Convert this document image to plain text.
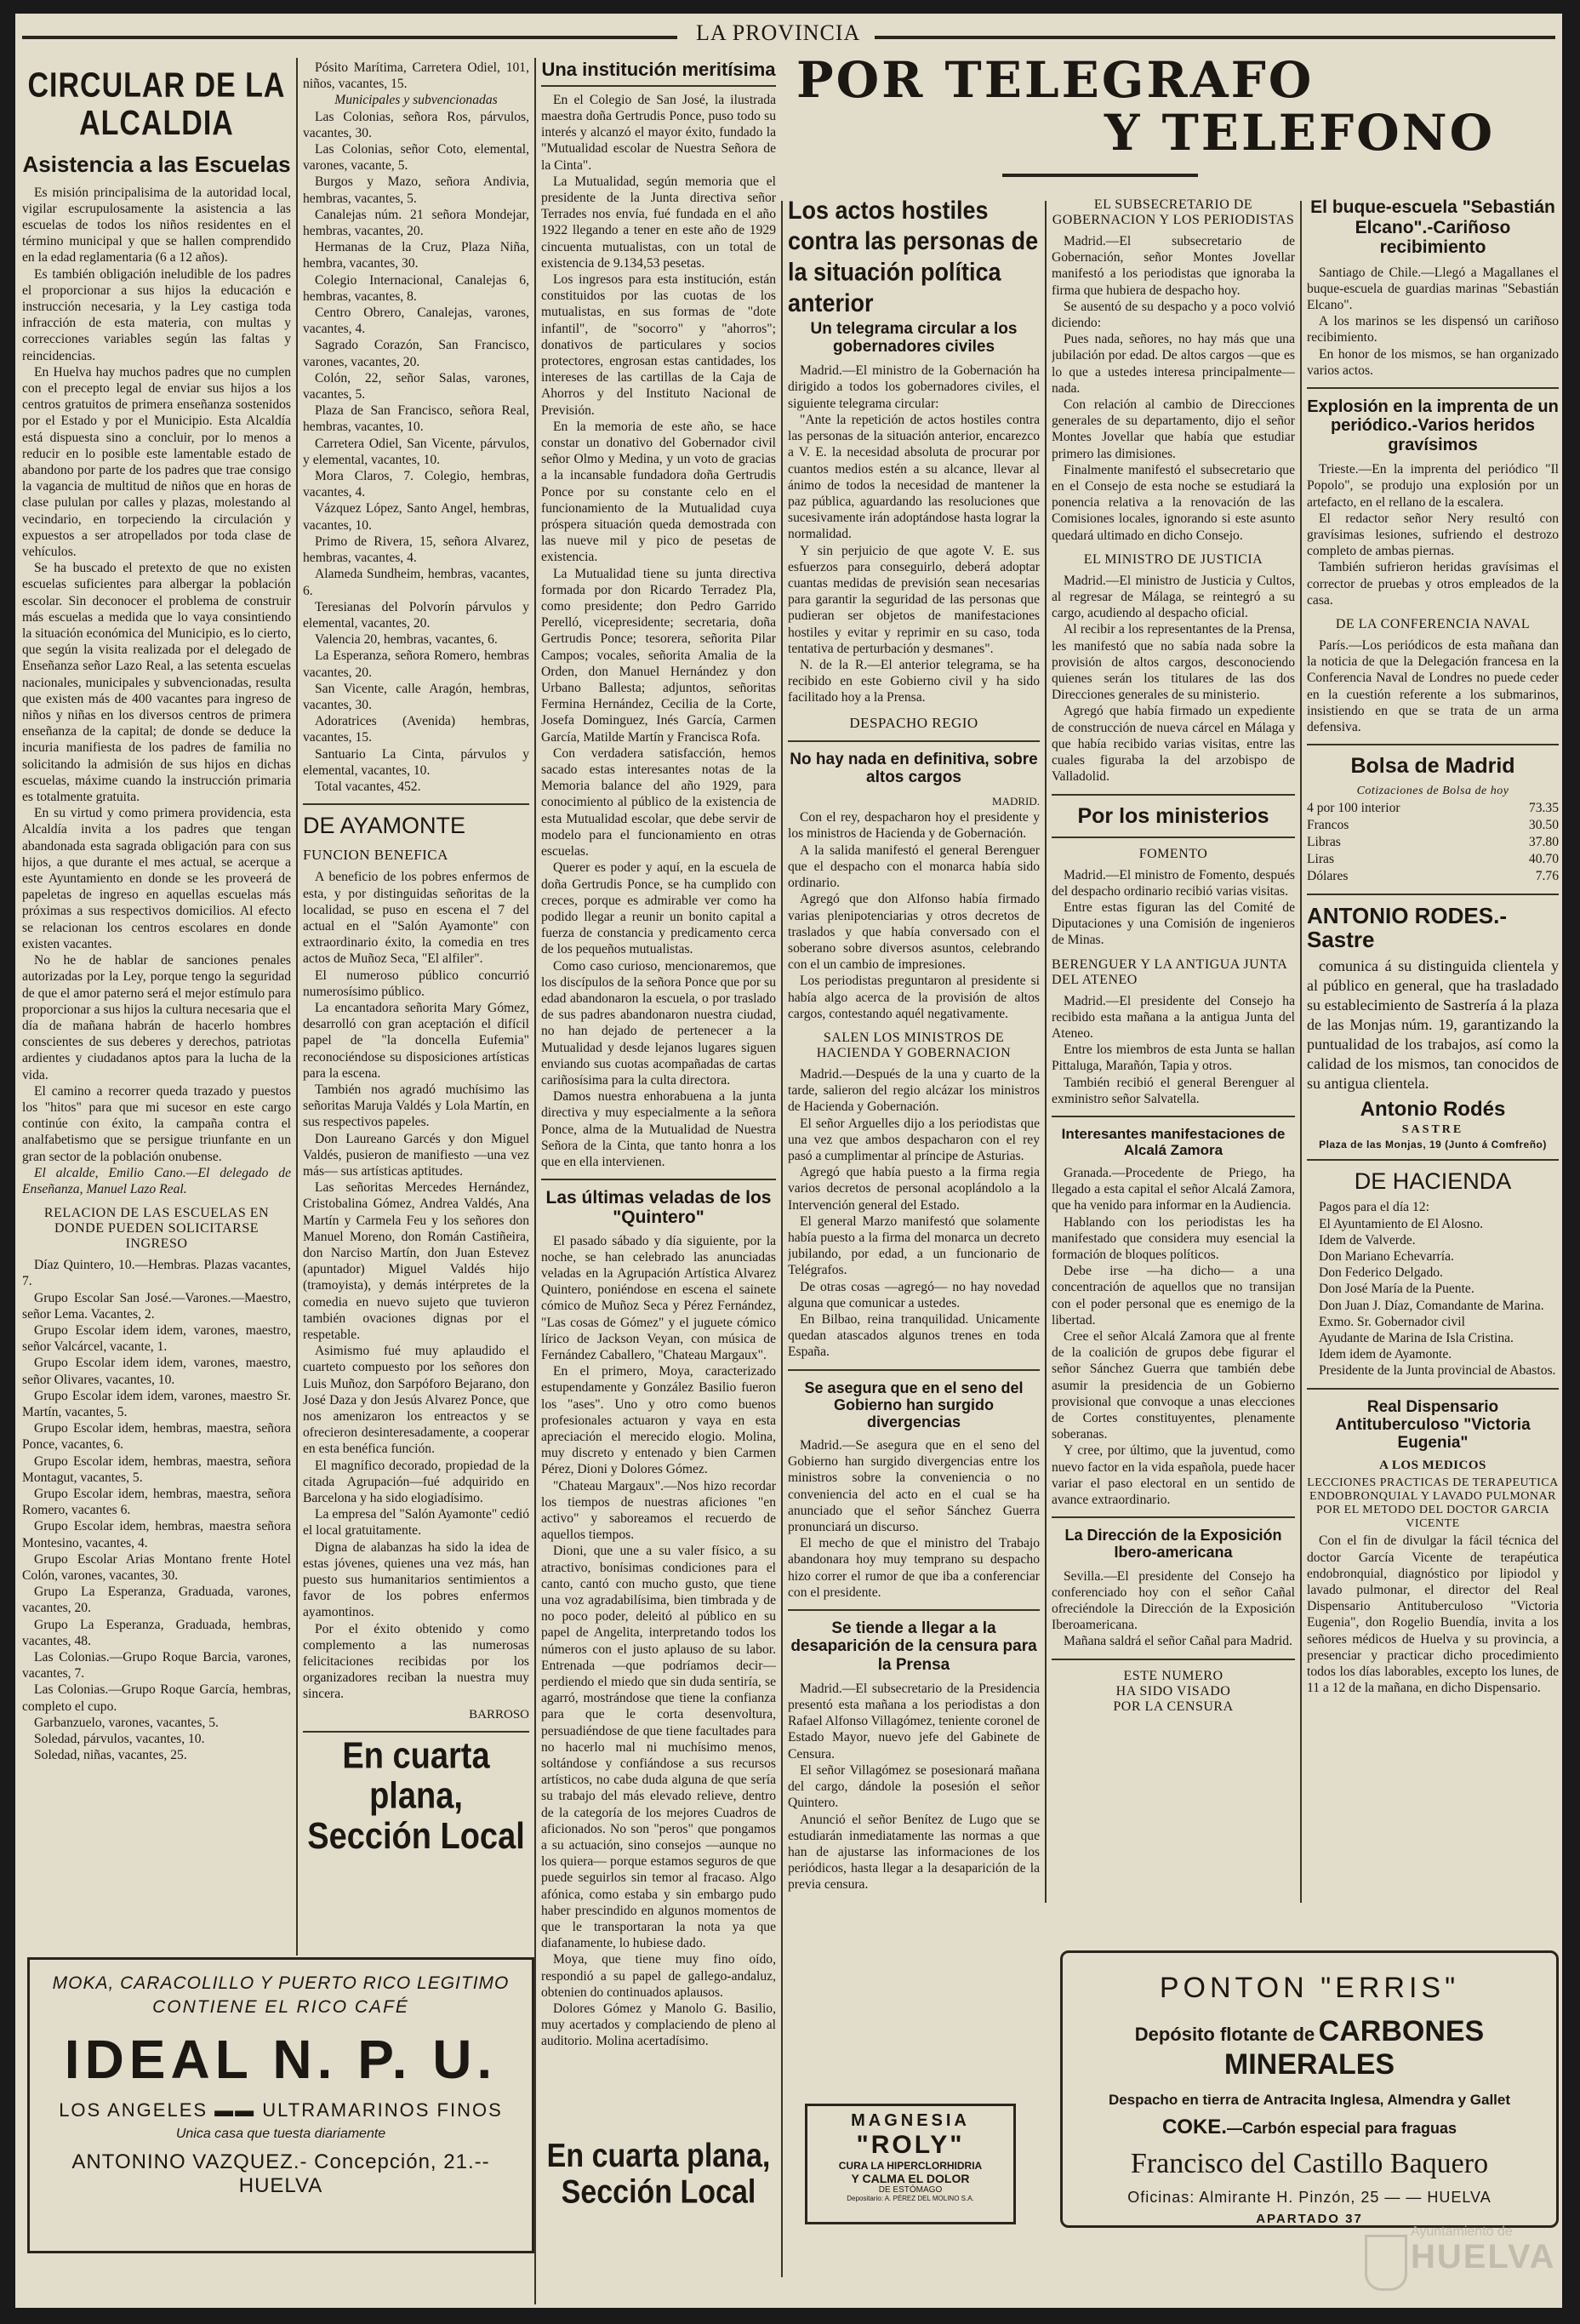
LA PROVINCIA
CIRCULAR DE LA ALCALDIA
Asistencia a las Escuelas

Es misión principalisima de la autoridad local, vigilar escrupulosamente la asistencia a las escuelas de todos los niños residentes en el término municipal y que se hallen comprendido en la edad reglamentaria (6 a 12 años).

Es también obligación ineludible de los padres el proporcionar a sus hijos la educación e instrucción necesaria, y la Ley castiga toda infracción de esta materia, con multas y correcciones variables según las faltas y reincidencias.

En Huelva hay muchos padres que no cumplen con el precepto legal de enviar sus hijos a los centros gratuitos de primera enseñanza sostenidos por el Estado y por el Municipio. Esta Alcaldía está dispuesta sino a concluir, por lo menos a reducir en lo posible este lamentable estado de abandono por parte de los padres que trae consigo la vagancia de multitud de niños que en horas de clase pululan por calles y plazas, molestando al vecindario, en torpeciendo la circulación y expuestos a ser atropellados por toda clase de vehículos.

Se ha buscado el pretexto de que no existen escuelas suficientes para albergar la población escolar. Sin deconocer el problema de construir más escuelas a medida que lo vaya consintiendo la situación económica del Municipio, es lo cierto, que según la visita realizada por el delegado de Enseñanza señor Lazo Real, a las setenta escuelas nacionales, municipales y subvencionadas, resulta que existen más de 400 vacantes para ingreso de niños y niñas en los diversos centros de primera enseñanza de la capital; de donde se deduce la incuria manifiesta de los padres de familia no solicitando la admisión de sus hijos en dichas escuelas, máxime cuando la instrucción primaria es totalmente gratuita.

En su virtud y como primera providencia, esta Alcaldía invita a los padres que tengan abandonada esta sagrada obligación para con sus hijos, a que durante el mes actual, se acerque a este Ayuntamiento en donde se les proveerá de papeletas de ingreso en aquellas escuelas más próximas a sus respectivos domicilios. Al efecto se relacionan los centros escolares en donde existen vacantes.

No he de hablar de sanciones penales autorizadas por la Ley, porque tengo la seguridad de que el amor paterno será el mejor estímulo para proporcionar a sus hijos la cultura necesaria que el día de mañana habrán de hacerlo hombres conscientes de sus deberes y derechos, patriotas ardientes y ciudadanos aptos para la lucha de la vida.

El camino a recorrer queda trazado y puestos los "hitos" para que mi sucesor en este cargo continúe con éxito, la campaña contra el analfabetismo que se persigue triunfante en un gran sector de la población onubense.

El alcalde, Emilio Cano.—El delegado de Enseñanza, Manuel Lazo Real.

RELACION DE LAS ESCUELAS EN DONDE PUEDEN SOLICITARSE INGRESO

Díaz Quintero, 10.—Hembras. Plazas vacantes, 7.

Grupo Escolar San José.—Varones.—Maestro, señor Lema. Vacantes, 2.

Grupo Escolar idem idem, varones, maestro, señor Valcárcel, vacante, 1.

Grupo Escolar idem idem, varones, maestro, señor Olivares, vacantes, 10.

Grupo Escolar idem idem, varones, maestro Sr. Martín, vacantes, 5.

Grupo Escolar idem, hembras, maestra, señora Ponce, vacantes, 6.

Grupo Escolar idem, hembras, maestra, señora Montagut, vacantes, 5.

Grupo Escolar idem, hembras, maestra, señora Romero, vacantes 6.

Grupo Escolar idem, hembras, maestra señora Montesino, vacantes, 4.

Grupo Escolar Arias Montano frente Hotel Colón, varones, vacantes, 30.

Grupo La Esperanza, Graduada, varones, vacantes, 20.

Grupo La Esperanza, Graduada, hembras, vacantes, 48.

Las Colonias.—Grupo Roque Barcia, varones, vacantes, 7.

Las Colonias.—Grupo Roque García, hembras, completo el cupo.

Garbanzuelo, varones, vacantes, 5.

Soledad, párvulos, vacantes, 10.

Soledad, niñas, vacantes, 25.

Pósito Marítima, Carretera Odiel, 101, niños, vacantes, 15.

Municipales y subvencionadas

Las Colonias, señora Ros, párvulos, vacantes, 30.

Las Colonias, señor Coto, elemental, varones, vacante, 5.

Burgos y Mazo, señora Andivia, hembras, vacantes, 5.

Canalejas núm. 21 señora Mondejar, hembras, vacantes, 20.

Hermanas de la Cruz, Plaza Niña, hembra, vacantes, 30.

Colegio Internacional, Canalejas 6, hembras, vacantes, 8.

Centro Obrero, Canalejas, varones, vacantes, 4.

Sagrado Corazón, San Francisco, varones, vacantes, 20.

Colón, 22, señor Salas, varones, vacantes, 5.

Plaza de San Francisco, señora Real, hembras, vacantes, 10.

Carretera Odiel, San Vicente, párvulos, y elemental, vacantes, 10.

Mora Claros, 7. Colegio, hembras, vacantes, 4.

Vázquez López, Santo Angel, hembras, vacantes, 10.

Primo de Rivera, 15, señora Alvarez, hembras, vacantes, 4.

Alameda Sundheim, hembras, vacantes, 6.

Teresianas del Polvorín párvulos y elemental, vacantes, 20.

Valencia 20, hembras, vacantes, 6.

La Esperanza, señora Romero, hembras vacantes, 20.

San Vicente, calle Aragón, hembras, vacantes, 30.

Adoratrices (Avenida) hembras, vacantes, 15.

Santuario La Cinta, párvulos y elemental, vacantes, 10.

Total vacantes, 452.

DE AYAMONTE
FUNCION BENEFICA

A beneficio de los pobres enfermos de esta, y por distinguidas señoritas de la localidad, se puso en escena el 7 del actual en el "Salón Ayamonte" con extraordinario éxito, la comedia en tres actos de Muñoz Seca, "El alfiler".

El numeroso público concurrió numerosísimo público.

La encantadora señorita Mary Gómez, desarrolló con gran aceptación el difícil papel de "la doncella Eufemia" reconociéndose su disposiciones artísticas para la escena.

También nos agradó muchísimo las señoritas Maruja Valdés y Lola Martín, en sus respectivos papeles.

Don Laureano Garcés y don Miguel Valdés, pusieron de manifiesto —una vez más— sus artísticas aptitudes.

Las señoritas Mercedes Hernández, Cristobalina Gómez, Andrea Valdés, Ana Martín y Carmela Feu y los señores don Manuel Moreno, don Román Castiñeira, don Narciso Martín, don Juan Estevez (apuntador) Miguel Valdés hijo (tramoyista), y demás intérpretes de la comedia en nuevo sujeto que tuvieron también ovaciones dignas por el respetable.

Asimismo fué muy aplaudido el cuarteto compuesto por los señores don Luis Muñoz, don Sarpóforo Bejarano, don José Daza y don Jesús Alvarez Ponce, que nos amenizaron los entreactos y se ofrecieron desinteresadamente, a cooperar en esta benéfica función.

El magnífico decorado, propiedad de la citada Agrupación—fué adquirido en Barcelona y ha sido elogiadísimo.

La empresa del "Salón Ayamonte" cedió el local gratuitamente.

Digna de alabanzas ha sido la idea de estas jóvenes, quienes una vez más, han puesto sus humanitarios sentimientos a favor de los pobres enfermos ayamontinos.

Por el éxito obtenido y como complemento a las numerosas felicitaciones recibidas por los organizadores reciban la nuestra muy sincera.

BARROSO
En cuarta plana, Sección Local
Una institución meritísima

En el Colegio de San José, la ilustrada maestra doña Gertrudis Ponce, puso todo su interés y alcanzó el mayor éxito, fundado la "Mutualidad escolar de Nuestra Señora de la Cinta".

La Mutualidad, según memoria que el presidente de la Junta directiva señor Terrades nos envía, fué fundada en el año 1922 llegando a tener en este año de 1929 cincuenta mutualistas, con un total de existencia de 9.134,53 pesetas.

Los ingresos para esta institución, están constituidos por las cuotas de los mutualistas, en sus formas de "dote infantil", de "socorro" y "ahorros"; donativos de particulares y socios protectores, engrosan estas cantidades, los intereses de las cartillas de la Caja de Ahorros y del Instituto Nacional de Previsión.

En la memoria de este año, se hace constar un donativo del Gobernador civil señor Olmo y Medina, y un voto de gracias a la incansable fundadora doña Gertrudis Ponce por su constante celo en el funcionamiento de la Mutualidad cuya próspera situación queda demostrada con las nueve mil y pico de pesetas de existencia.

La Mutualidad tiene su junta directiva formada por don Ricardo Terradez Pla, como presidente; don Pedro Garrido Perelló, vicepresidente; secretaria, doña Gertrudis Ponce; tesorera, señorita Pilar Campos; vocales, señorita Amalia de la Orden, don Manuel Hernández y don Urbano Ballesta; adjuntos, señoritas Fermina Hernández, Cecilia de la Corte, Josefa Dominguez, Inés García, Carmen García, Matilde Martín y Francisca Rofa.

Con verdadera satisfacción, hemos sacado estas interesantes notas de la Memoria balance del año 1929, para conocimiento al público de la existencia de esta Mutualidad escolar, que debe servir de modelo para el funcionamiento en otras escuelas.

Querer es poder y aquí, en la escuela de doña Gertrudis Ponce, se ha cumplido con creces, porque es admirable ver como ha podido llegar a reunir un bonito capital a fuerza de constancia y predicamento cerca de los pequeños mutualistas.

Como caso curioso, mencionaremos, que los discípulos de la señora Ponce que por su edad abandonaron la escuela, o por traslado de sus padres abandonaron nuestra ciudad, no han dejado de pertenecer a la Mutualidad y desde lejanos lugares siguen enviando sus cuotas acompañadas de cartas cariñosísima para la culta directora.

Damos nuestra enhorabuena a la junta directiva y muy especialmente a la señora Ponce, alma de la Mutualidad de Nuestra Señora de la Cinta, que tanto honra a los que en ella intervienen.

Las últimas veladas de los "Quintero"

El pasado sábado y día siguiente, por la noche, se han celebrado las anunciadas veladas en la Agrupación Artística Alvarez Quintero, poniéndose en escena el sainete cómico de Muñoz Seca y Pérez Fernández, "Las cosas de Gómez" y el juguete cómico lírico de Jackson Veyan, con música de Fernández Caballero, "Chateau Margaux".

En el primero, Moya, caracterizado estupendamente y González Basilio fueron los "ases". Uno y otro como buenos profesionales actuaron y vaya en esta apreciación el merecido elogio. Molina, muy discreto y entenado y bien Carmen Pérez, Dioni y Dolores Gómez.

"Chateau Margaux".—Nos hizo recordar los tiempos de nuestras aficiones "en activo" y saboreamos el recuerdo de aquellos tiempos.

Dioni, que une a su valer físico, a su atractivo, bonísimas condiciones para el canto, cantó con mucho gusto, que tiene una voz agradabilísima, bien timbrada y de no poco poder, deleitó al público en su papel de Angelita, interpretando todos los números con el justo aplauso de su labor. Entrenada —que podríamos decir— perdiendo el miedo que sin duda sentiría, se agarró, mostrándose que tiene la confianza para que le corta desenvoltura, persuadiéndose de que tiene facultades para no hacerlo mal ni muchísimo menos, soltándose y confiándose a sus recursos artísticos, no cabe duda alguna de que sería su trabajo del más elevado relieve, dentro de la categoría de los mejores Cuadros de aficionados. No son "peros" que pongamos a su actuación, sino consejos —aunque no los quiera— porque estamos seguros de que puede seguirlos sin temor al fracaso. Algo afónica, como estaba y sin embargo pudo haber prescindido en algunos momentos de que le transportaran la nota ya que diafanamente, lo hubiese dado.

Moya, que tiene muy fino oído, respondió a su papel de gallego-andaluz, obtenien do continuados aplausos.

Dolores Gómez y Manolo G. Basilio, muy acertados y complaciendo de pleno al auditorio. Molina acertadísimo.

En cuarta plana, Sección Local
MAGNESIA
"ROLY"
CURA LA HIPERCLORHIDRIA
Y CALMA EL DOLOR
DE ESTÓMAGO
Depositario: A. PÉREZ DEL MOLINO S.A.
POR TELEGRAFO
Y TELEFONO
Los actos hostiles contra las personas de la situación política anterior
Un telegrama circular a los gobernadores civiles

Madrid.—El ministro de la Gobernación ha dirigido a todos los gobernadores civiles, el siguiente telegrama circular:

"Ante la repetición de actos hostiles contra las personas de la situación anterior, encarezco a V. E. la necesidad absoluta de procurar por cuantos medios estén a su alcance, llevar al ánimo de todos la necesidad de mantener la paz pública, aguardando las resoluciones que sucesivamente irán adoptándose hasta lograr la normalidad.

Y sin perjuicio de que agote V. E. sus esfuerzos para conseguirlo, deberá adoptar cuantas medidas de previsión sean necesarias para garantir la seguridad de las personas que pudieran ser objetos de manifestaciones hostiles y evitar y reprimir en su caso, toda tentativa de perturbación y desmanes".

N. de la R.—El anterior telegrama, se ha recibido en este Gobierno civil y ha sido facilitado hoy a la Prensa.

DESPACHO REGIO
No hay nada en definitiva, sobre altos cargos

MADRID.

Con el rey, despacharon hoy el presidente y los ministros de Hacienda y de Gobernación.

A la salida manifestó el general Berenguer que el despacho con el monarca había sido ordinario.

Agregó que don Alfonso había firmado varias plenipotenciarias y otros decretos de traslados y que había conversado con el soberano sobre diversos asuntos, celebrando con el un cambio de impresiones.

Los periodistas preguntaron al presidente si había algo acerca de la provisión de altos cargos, contestando aquél negativamente.

SALEN LOS MINISTROS DE HACIENDA Y GOBERNACION

Madrid.—Después de la una y cuarto de la tarde, salieron del regio alcázar los ministros de Hacienda y Gobernación.

El señor Arguelles dijo a los periodistas que una vez que ambos despacharon con el rey pasó a cumplimentar al príncipe de Asturias.

Agregó que había puesto a la firma regia varios decretos de personal acoplándolo a la Intervención general del Estado.

El general Marzo manifestó que solamente había puesto a la firma del monarca un decreto jubilando, por edad, a un funcionario de Telégrafos.

De otras cosas —agregó— no hay novedad alguna que comunicar a ustedes.

En Bilbao, reina tranquilidad. Unicamente quedan atascados algunos trenes en toda España.

Se asegura que en el seno del Gobierno han surgido divergencias

Madrid.—Se asegura que en el seno del Gobierno han surgido divergencias entre los ministros sobre la conveniencia o no conveniencia del acto en el cual se ha anunciado que el señor Sánchez Guerra pronunciará un discurso.

El mecho de que el ministro del Trabajo abandonara hoy muy temprano su despacho hizo correr el rumor de que iba a conferenciar con el presidente.

Se tiende a llegar a la desaparición de la censura para la Prensa

Madrid.—El subsecretario de la Presidencia presentó esta mañana a los periodistas a don Rafael Alfonso Villagómez, teniente coronel de Estado Mayor, nuevo jefe del Gabinete de Censura.

El señor Villagómez se posesionará mañana del cargo, dándole la posesión el señor Quintero.

Anunció el señor Benítez de Lugo que se estudiarán inmediatamente las normas a que han de ajustarse las informaciones de los periódicos, hasta llegar a la desaparición de la previa censura.

EL SUBSECRETARIO DE GOBERNACION Y LOS PERIODISTAS

Madrid.—El subsecretario de Gobernación, señor Montes Jovellar manifestó a los periodistas que ignoraba la firma que hubiera de despacho hoy.

Se ausentó de su despacho y a poco volvió diciendo:

Pues nada, señores, no hay más que una jubilación por edad. De altos cargos —que es lo que a ustedes interesa principalmente— nada.

Con relación al cambio de Direcciones generales de su departamento, dijo el señor Montes Jovellar que había que estudiar primero las dimisiones.

Finalmente manifestó el subsecretario que en el Consejo de esta noche se estudiará la ponencia relativa a la renovación de las Comisiones locales, ignorando si este asunto quedará ultimado en dicho Consejo.

EL MINISTRO DE JUSTICIA

Madrid.—El ministro de Justicia y Cultos, al regresar de Málaga, se reintegró a su cargo, acudiendo al despacho oficial.

Al recibir a los representantes de la Prensa, les manifestó que no sabía nada sobre la provisión de altos cargos, desconociendo quienes serán los titulares de las dos Direcciones generales de su ministerio.

Agregó que había firmado un expediente de construcción de nueva cárcel en Málaga y que había recibido varias visitas, entre las cuales figuraba la del arzobispo de Valladolid.

Por los ministerios
FOMENTO

Madrid.—El ministro de Fomento, después del despacho ordinario recibió varias visitas.

Entre estas figuran las del Comité de Diputaciones y una Comisión de ingenieros de Minas.

BERENGUER Y LA ANTIGUA JUNTA DEL ATENEO

Madrid.—El presidente del Consejo ha recibido esta mañana a la antigua Junta del Ateneo.

Entre los miembros de esta Junta se hallan Pittaluga, Marañón, Tapia y otros.

También recibió el general Berenguer al exministro señor Salvatella.

Interesantes manifestaciones de Alcalá Zamora

Granada.—Procedente de Priego, ha llegado a esta capital el señor Alcalá Zamora, que ha venido para informar en la Audiencia.

Hablando con los periodistas les ha manifestado que considera muy esencial la formación de bloques políticos.

Debe irse —ha dicho— a una concentración de aquellos que no transijan con el poder personal que es enemigo de la libertad.

Cree el señor Alcalá Zamora que al frente de la coalición de grupos debe figurar el señor Sánchez Guerra que también debe asumir la presidencia de un Gobierno provisional que convoque a unas elecciones de Cortes constituyentes, plenamente soberanas.

Y cree, por último, que la juventud, como nuevo factor en la vida española, puede hacer variar el paso electoral en un sentido de avance extraordinario.

La Dirección de la Exposición Ibero-americana

Sevilla.—El presidente del Consejo ha conferenciado hoy con el señor Cañal ofreciéndole la Dirección de la Exposición Iberoamericana.

Mañana saldrá el señor Cañal para Madrid.

ESTE NUMERO
HA SIDO VISADO
POR LA CENSURA
El buque-escuela "Sebastián Elcano".-Cariñoso recibimiento

Santiago de Chile.—Llegó a Magallanes el buque-escuela de guardias marinas "Sebastián Elcano".

A los marinos se les dispensó un cariñoso recibimiento.

En honor de los mismos, se han organizado varios actos.

Explosión en la imprenta de un periódico.-Varios heridos gravísimos

Trieste.—En la imprenta del periódico "Il Popolo", se produjo una explosión por un artefacto, en el rellano de la escalera.

El redactor señor Nery resultó con gravísimas lesiones, sufriendo el destrozo completo de ambas piernas.

También sufrieron heridas gravísimas el corrector de pruebas y otros empleados de la casa.

DE LA CONFERENCIA NAVAL

París.—Los periódicos de esta mañana dan la noticia de que la Delegación francesa en la Conferencia Naval de Londres no puede ceder en la cuestión referente a los submarinos, insistiendo en que se trata de un arma defensiva.

Bolsa de Madrid
Cotizaciones de Bolsa de hoy
4 por 100 interior	73.35
Francos	30.50
Libras	37.80
Liras	40.70
Dólares	7.76
ANTONIO RODES.-Sastre

comunica á su distinguida clientela y al público en general, que ha trasladado su establecimiento de Sastrería á la plaza de las Monjas núm. 19, garantizando la puntualidad de los trabajos, así como la calidad de los mismos, tan conocidos de su antigua clientela.

Antonio Rodés
SASTRE
Plaza de las Monjas, 19 (Junto á Comfreño)
DE HACIENDA

Pagos para el día 12:

El Ayuntamiento de El Alosno.

Idem de Valverde.

Don Mariano Echevarría.

Don Federico Delgado.

Don José María de la Puente.

Don Juan J. Díaz, Comandante de Marina.

Exmo. Sr. Gobernador civil

Ayudante de Marina de Isla Cristina.

Idem idem de Ayamonte.

Presidente de la Junta provincial de Abastos.

Real Dispensario Antituberculoso "Victoria Eugenia"
A LOS MEDICOS
LECCIONES PRACTICAS DE TERAPEUTICA ENDOBRONQUIAL Y LAVADO PULMONAR POR EL METODO DEL DOCTOR GARCIA VICENTE

Con el fin de divulgar la fácil técnica del doctor García Vicente de terapéutica endobronquial, diagnóstico por lipiodol y lavado pulmonar, el director del Real Dispensario Antituberculoso "Victoria Eugenia", don Rogelio Buendía, invita a los señores médicos de Huelva y su provincia, a presenciar y practicar dicho procedimiento todos los días laborables, excepto los lunes, de 11 a 12 de la mañana, en dicho Dispensario.

MOKA, CARACOLILLO Y PUERTO RICO LEGITIMO
CONTIENE EL RICO CAFÉ
IDEAL N. P. U.
LOS ANGELES ▬▬ ULTRAMARINOS FINOS
Unica casa que tuesta diariamente
ANTONINO VAZQUEZ.- Concepción, 21.-- HUELVA
PONTON "ERRIS"
Depósito flotante de CARBONES MINERALES
Despacho en tierra de Antracita Inglesa, Almendra y Gallet
COKE.—Carbón especial para fraguas
Francisco del Castillo Baquero
Oficinas: Almirante H. Pinzón, 25 — — HUELVA
APARTADO 37
Ayuntamiento de
HUELVA
